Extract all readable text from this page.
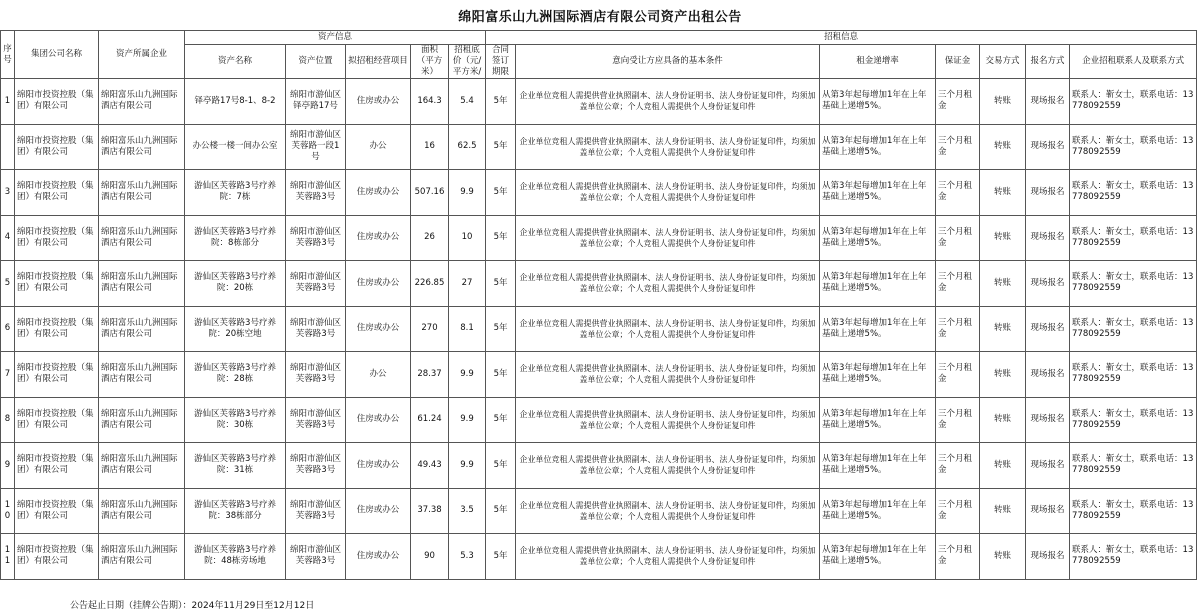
绵阳富乐山九洲国际酒店有限公司资产出租公告
序号	集团公司名称	资产所属企业	资产信息					招租信息						
			资产名称	资产位置	拟招租经营项目	面积（平方米）	招租底价（元/平方米/	合同签订期限	意向受让方应具备的基本条件	租金递增率	保证金	交易方式	报名方式	企业招租联系人及联系方式
1	绵阳市投资控股（集团）有限公司	绵阳富乐山九洲国际酒店有限公司	铎亭路17号8-1、8-2	绵阳市游仙区铎亭路17号	住房或办公	164.3	5.4	5年	企业单位竞租人需提供营业执照副本、法人身份证明书、法人身份证复印件，均须加盖单位公章；个人竞租人需提供个人身份证复印件	从第3年起每增加1年在上年基础上递增5%。	三个月租金	转账	现场报名	联系人：靳女士，联系电话：13778092559
	绵阳市投资控股（集团）有限公司	绵阳富乐山九洲国际酒店有限公司	办公楼一楼一间办公室	绵阳市游仙区芙蓉路一段1号	办公	16	62.5	5年	企业单位竞租人需提供营业执照副本、法人身份证明书、法人身份证复印件，均须加盖单位公章；个人竞租人需提供个人身份证复印件	从第3年起每增加1年在上年基础上递增5%。	三个月租金	转账	现场报名	联系人：靳女士，联系电话：13778092559
3	绵阳市投资控股（集团）有限公司	绵阳富乐山九洲国际酒店有限公司	游仙区芙蓉路3号疗养院：7栋	绵阳市游仙区芙蓉路3号	住房或办公	507.16	9.9	5年	企业单位竞租人需提供营业执照副本、法人身份证明书、法人身份证复印件，均须加盖单位公章；个人竞租人需提供个人身份证复印件	从第3年起每增加1年在上年基础上递增5%。	三个月租金	转账	现场报名	联系人：靳女士，联系电话：13778092559
4	绵阳市投资控股（集团）有限公司	绵阳富乐山九洲国际酒店有限公司	游仙区芙蓉路3号疗养院：8栋部分	绵阳市游仙区芙蓉路3号	住房或办公	26	10	5年	企业单位竞租人需提供营业执照副本、法人身份证明书、法人身份证复印件，均须加盖单位公章；个人竞租人需提供个人身份证复印件	从第3年起每增加1年在上年基础上递增5%。	三个月租金	转账	现场报名	联系人：靳女士，联系电话：13778092559
5	绵阳市投资控股（集团）有限公司	绵阳富乐山九洲国际酒店有限公司	游仙区芙蓉路3号疗养院：20栋	绵阳市游仙区芙蓉路3号	住房或办公	226.85	27	5年	企业单位竞租人需提供营业执照副本、法人身份证明书、法人身份证复印件，均须加盖单位公章；个人竞租人需提供个人身份证复印件	从第3年起每增加1年在上年基础上递增5%。	三个月租金	转账	现场报名	联系人：靳女士，联系电话：13778092559
6	绵阳市投资控股（集团）有限公司	绵阳富乐山九洲国际酒店有限公司	游仙区芙蓉路3号疗养院：20栋空地	绵阳市游仙区芙蓉路3号	住房或办公	270	8.1	5年	企业单位竞租人需提供营业执照副本、法人身份证明书、法人身份证复印件，均须加盖单位公章；个人竞租人需提供个人身份证复印件	从第3年起每增加1年在上年基础上递增5%。	三个月租金	转账	现场报名	联系人：靳女士，联系电话：13778092559
7	绵阳市投资控股（集团）有限公司	绵阳富乐山九洲国际酒店有限公司	游仙区芙蓉路3号疗养院：28栋	绵阳市游仙区芙蓉路3号	办公	28.37	9.9	5年	企业单位竞租人需提供营业执照副本、法人身份证明书、法人身份证复印件，均须加盖单位公章；个人竞租人需提供个人身份证复印件	从第3年起每增加1年在上年基础上递增5%。	三个月租金	转账	现场报名	联系人：靳女士，联系电话：13778092559
8	绵阳市投资控股（集团）有限公司	绵阳富乐山九洲国际酒店有限公司	游仙区芙蓉路3号疗养院：30栋	绵阳市游仙区芙蓉路3号	住房或办公	61.24	9.9	5年	企业单位竞租人需提供营业执照副本、法人身份证明书、法人身份证复印件，均须加盖单位公章；个人竞租人需提供个人身份证复印件	从第3年起每增加1年在上年基础上递增5%。	三个月租金	转账	现场报名	联系人：靳女士，联系电话：13778092559
9	绵阳市投资控股（集团）有限公司	绵阳富乐山九洲国际酒店有限公司	游仙区芙蓉路3号疗养院：31栋	绵阳市游仙区芙蓉路3号	住房或办公	49.43	9.9	5年	企业单位竞租人需提供营业执照副本、法人身份证明书、法人身份证复印件，均须加盖单位公章；个人竞租人需提供个人身份证复印件	从第3年起每增加1年在上年基础上递增5%。	三个月租金	转账	现场报名	联系人：靳女士，联系电话：13778092559
10	绵阳市投资控股（集团）有限公司	绵阳富乐山九洲国际酒店有限公司	游仙区芙蓉路3号疗养院：38栋部分	绵阳市游仙区芙蓉路3号	住房或办公	37.38	3.5	5年	企业单位竞租人需提供营业执照副本、法人身份证明书、法人身份证复印件，均须加盖单位公章；个人竞租人需提供个人身份证复印件	从第3年起每增加1年在上年基础上递增5%。	三个月租金	转账	现场报名	联系人：靳女士，联系电话：13778092559
11	绵阳市投资控股（集团）有限公司	绵阳富乐山九洲国际酒店有限公司	游仙区芙蓉路3号疗养院：48栋旁场地	绵阳市游仙区芙蓉路3号	住房或办公	90	5.3	5年	企业单位竞租人需提供营业执照副本、法人身份证明书、法人身份证复印件，均须加盖单位公章；个人竞租人需提供个人身份证复印件	从第3年起每增加1年在上年基础上递增5%。	三个月租金	转账	现场报名	联系人：靳女士，联系电话：13778092559
公告起止日期（挂牌公告期）：2024年11月29日至12月12日
